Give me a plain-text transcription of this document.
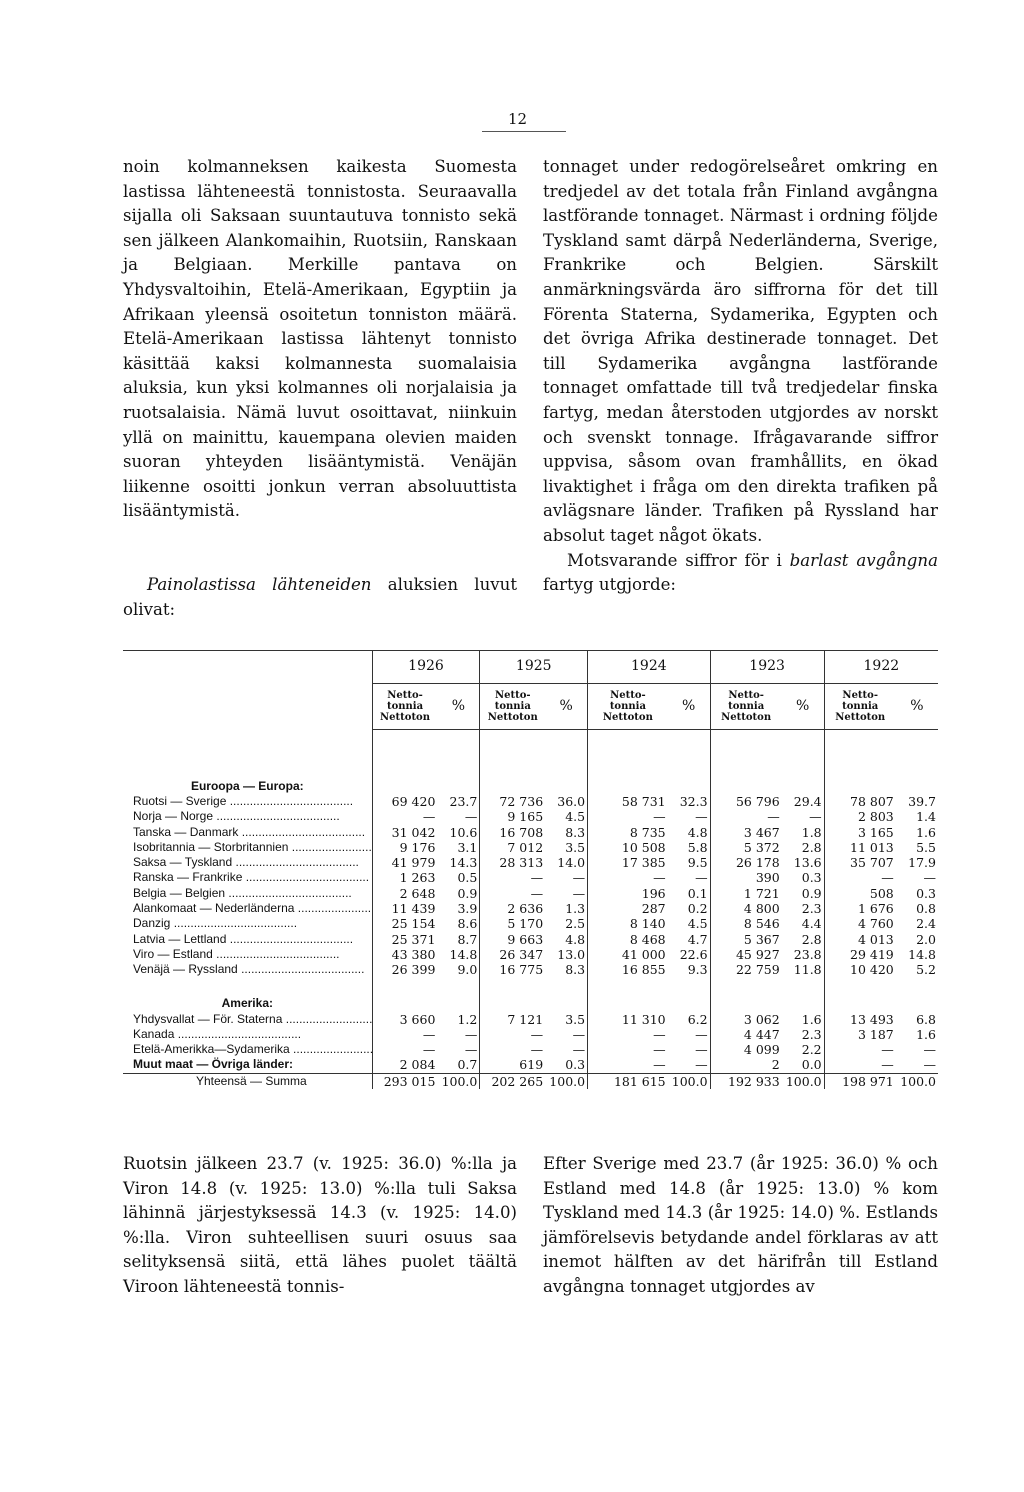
12

noin kolmanneksen kaikesta Suomesta lastissa lähteneestä tonnistosta. Seuraavalla sijalla oli Saksaan suuntautuva tonnisto sekä sen jälkeen Alankomaihin, Ruotsiin, Ranskaan ja Belgiaan. Merkille pantava on Yhdysvaltoihin, Etelä-Amerikaan, Egyptiin ja Afrikaan yleensä osoitetun tonniston määrä. Etelä-Amerikaan lastissa lähtenyt tonnisto käsittää kaksi kolmannesta suomalaisia aluksia, kun yksi kolmannes oli norjalaisia ja ruotsalaisia. Nämä luvut osoittavat, niinkuin yllä on mainittu, kauempana olevien maiden suoran yhteyden lisääntymistä. Venäjän liikenne osoitti jonkun verran absoluuttista lisääntymistä.

Painolastissa lähteneiden aluksien luvut olivat:

tonnaget under redogörelseåret omkring en tredjedel av det totala från Finland avgångna lastförande tonnaget. Närmast i ordning följde Tyskland samt därpå Nederländerna, Sverige, Frankrike och Belgien. Särskilt anmärkningsvärda äro siffrorna för det till Förenta Staterna, Sydamerika, Egypten och det övriga Afrika destinerade tonnaget. Det till Sydamerika avgångna lastförande tonnaget omfattade till två tredjedelar finska fartyg, medan återstoden utgjordes av norskt och svenskt tonnage. Ifrågavarande siffror uppvisa, såsom ovan framhållits, en ökad livaktighet i fråga om den direkta trafiken på avlägsnare länder. Trafiken på Ryssland har absolut taget något ökats.

Motsvarande siffror för i barlast avgångna fartyg utgjorde:

	1926		1925		1924		1923		1922	
	Netto-
tonnia
Nettoton	%	Netto-
tonnia
Nettoton	%	Netto-
tonnia
Nettoton	%	Netto-
tonnia
Nettoton	%	Netto-
tonnia
Nettoton	%

Euroopa — Europa:										
Ruotsi — Sverige .....	69 420	23.7	72 736	36.0	58 731	32.3	56 796	29.4	78 807	39.7
Norja — Norge .....	—	—	9 165	4.5	—	—	—	—	2 803	1.4
Tanska — Danmark .....	31 042	10.6	16 708	8.3	8 735	4.8	3 467	1.8	3 165	1.6
Isobritannia — Storbritannien .....	9 176	3.1	7 012	3.5	10 508	5.8	5 372	2.8	11 013	5.5
Saksa — Tyskland .....	41 979	14.3	28 313	14.0	17 385	9.5	26 178	13.6	35 707	17.9
Ranska — Frankrike .....	1 263	0.5	—	—	—	—	390	0.3	—	—
Belgia — Belgien .....	2 648	0.9	—	—	196	0.1	1 721	0.9	508	0.3
Alankomaat — Nederländerna .....	11 439	3.9	2 636	1.3	287	0.2	4 800	2.3	1 676	0.8
Danzig .....	25 154	8.6	5 170	2.5	8 140	4.5	8 546	4.4	4 760	2.4
Latvia — Lettland .....	25 371	8.7	9 663	4.8	8 468	4.7	5 367	2.8	4 013	2.0
Viro — Estland .....	43 380	14.8	26 347	13.0	41 000	22.6	45 927	23.8	29 419	14.8
Venäjä — Ryssland .....	26 399	9.0	16 775	8.3	16 855	9.3	22 759	11.8	10 420	5.2

Amerika:										
Yhdysvallat — För. Staterna .....	3 660	1.2	7 121	3.5	11 310	6.2	3 062	1.6	13 493	6.8
Kanada .....	—	—	—	—	—	—	4 447	2.3	3 187	1.6
Etelä-Amerikka—Sydamerika .....	—	—	—	—	—	—	4 099	2.2	—	—
Muut maat — Övriga länder:	2 084	0.7	619	0.3	—	—	2	0.0	—	—
Yhteensä — Summa	293 015	100.0	202 265	100.0	181 615	100.0	192 933	100.0	198 971	100.0
Ruotsin jälkeen 23.7 (v. 1925: 36.0) %:lla ja Viron 14.8 (v. 1925: 13.0) %:lla tuli Saksa lähinnä järjestyksessä 14.3 (v. 1925: 14.0) %:lla. Viron suhteellisen suuri osuus saa selityksensä siitä, että lähes puolet täältä Viroon lähteneestä tonnis-
Efter Sverige med 23.7 (år 1925: 36.0) % och Estland med 14.8 (år 1925: 13.0) % kom Tyskland med 14.3 (år 1925: 14.0) %. Estlands jämförelsevis betydande andel förklaras av att inemot hälften av det härifrån till Estland avgångna tonnaget utgjordes av
